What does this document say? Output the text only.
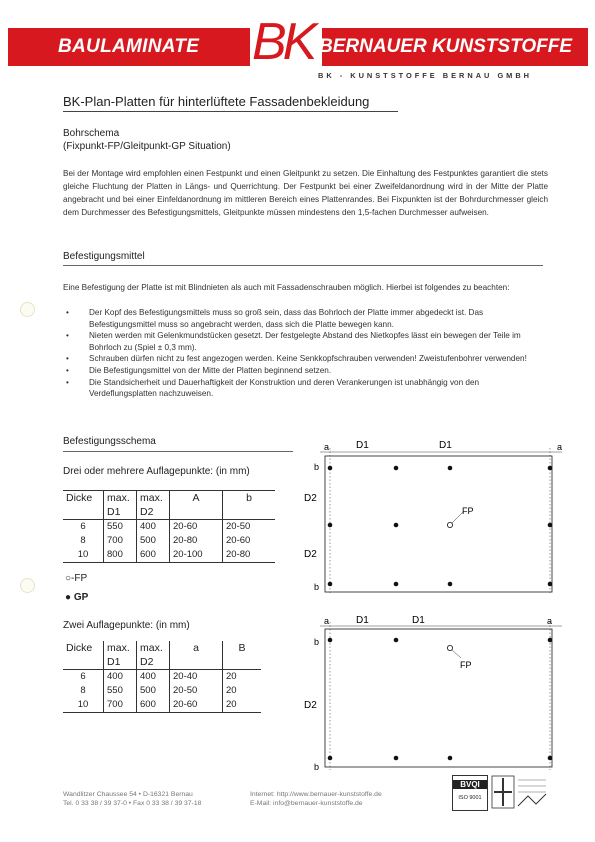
BAULAMINATE BK BERNAUER KUNSTSTOFFE
BK - KUNSTSTOFFE BERNAU GMBH
BK-Plan-Platten für hinterlüftete Fassadenbekleidung
Bohrschema
(Fixpunkt-FP/Gleitpunkt-GP Situation)
Bei der Montage wird empfohlen einen Festpunkt und einen Gleitpunkt zu setzen. Die Einhaltung des Festpunktes garantiert die stets gleiche Fluchtung der Platten in Längs- und Querrichtung. Der Festpunkt bei einer Zweifeldanordnung wird in der Mitte der Platte angebracht und bei einer Einfeldanordnung im mittleren Bereich eines Plattenrandes. Bei Fixpunkten ist der Bohrdurchmesser gleich dem Durchmesser des Befestigungsmittels, Gleitpunkte müssen mindestens den 1,5-fachen Durchmesser aufweisen.
Befestigungsmittel
Eine Befestigung der Platte ist mit Blindnieten als auch mit Fassadenschrauben möglich. Hierbei ist folgendes zu beachten:
• Der Kopf des Befestigungsmittels muss so groß sein, dass das Bohrloch der Platte immer abgedeckt ist. Das Befestigungsmittel muss so angebracht werden, dass sich die Platte bewegen kann.
• Nieten werden mit Gelenkmundstücken gesetzt. Der festgelegte Abstand des Nietkopfes lässt ein bewegen der Teile im Bohrloch zu (Spiel ± 0,3 mm).
• Schrauben dürfen nicht zu fest angezogen werden. Keine Senkkopfschrauben verwenden! Zweistufenbohrer verwenden!
• Die Befestigungsmittel von der Mitte der Platten beginnend setzen.
• Die Standsicherheit und Dauerhaftigkeit der Konstruktion und deren Verankerungen ist unabhängig von den Verdeflungsplatten nachzuweisen.
Befestigungsschema
Drei oder mehrere Auflagepunkte: (in mm)
Dicke	max.	max.	A	b
	D1	D2		
6	550	400	20-60	20-50
8	700	500	20-80	20-60
10	800	600	20-100	20-80
○-FP
● GP
Zwei Auflagepunkte: (in mm)
Dicke	max.	max.	a	B
	D1	D2		
6	400	400	20-40	20
8	550	500	20-50	20
10	700	600	20-60	20
a	D1	D1	a
b
D2
D2
b
FP
a	D1	D1	a
b
D2
b
FP
Wandlitzer Chaussee 54 • D-16321 Bernau
Tel. 0 33 38 / 39 37-0 • Fax 0 33 38 / 39 37-18
Internet: http://www.bernauer-kunststoffe.de
E-Mail: info@bernauer-kunststoffe.de
BVQI
ISO 9001
